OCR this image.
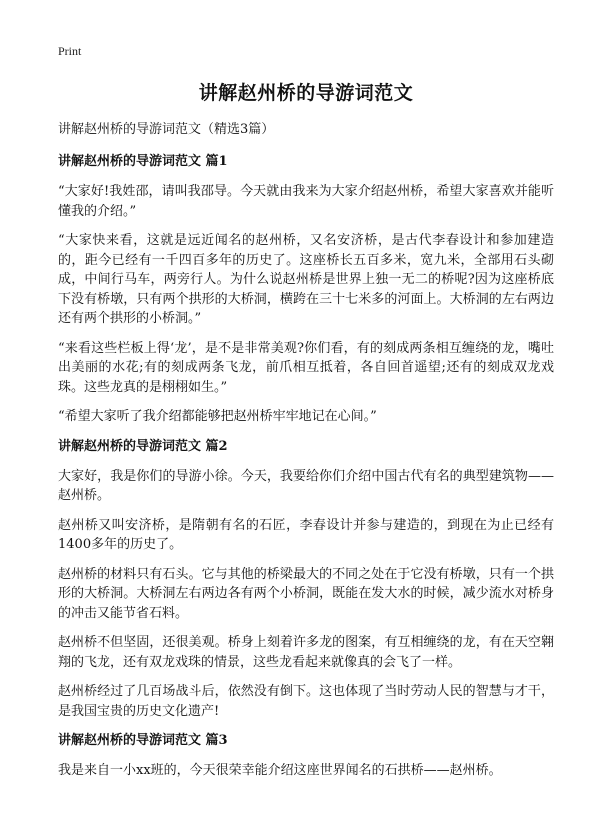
Print
讲解赵州桥的导游词范文
讲解赵州桥的导游词范文（精选3篇）
讲解赵州桥的导游词范文 篇1

“大家好!我姓邵，请叫我邵导。今天就由我来为大家介绍赵州桥，希望大家喜欢并能听懂我的介绍。”

“大家快来看，这就是远近闻名的赵州桥，又名安济桥，是古代李春设计和参加建造的，距今已经有一千四百多年的历史了。这座桥长五百多米，宽九米，全部用石头砌成，中间行马车，两旁行人。为什么说赵州桥是世界上独一无二的桥呢?因为这座桥底下没有桥墩，只有两个拱形的大桥洞，横跨在三十七米多的河面上。大桥洞的左右两边还有两个拱形的小桥洞。”

“来看这些栏板上得‘龙’，是不是非常美观?你们看，有的刻成两条相互缠绕的龙，嘴吐出美丽的水花;有的刻成两条飞龙，前爪相互抵着，各自回首遥望;还有的刻成双龙戏珠。这些龙真的是栩栩如生。”

“希望大家听了我介绍都能够把赵州桥牢牢地记在心间。”

讲解赵州桥的导游词范文 篇2

大家好，我是你们的导游小徐。今天，我要给你们介绍中国古代有名的典型建筑物——赵州桥。

赵州桥又叫安济桥，是隋朝有名的石匠，李春设计并参与建造的，到现在为止已经有1400多年的历史了。

赵州桥的材料只有石头。它与其他的桥梁最大的不同之处在于它没有桥墩，只有一个拱形的大桥洞。大桥洞左右两边各有两个小桥洞，既能在发大水的时候，减少流水对桥身的冲击又能节省石料。

赵州桥不但坚固，还很美观。桥身上刻着许多龙的图案，有互相缠绕的龙，有在天空翱翔的飞龙，还有双龙戏珠的情景，这些龙看起来就像真的会飞了一样。

赵州桥经过了几百场战斗后，依然没有倒下。这也体现了当时劳动人民的智慧与才干，是我国宝贵的历史文化遗产!

讲解赵州桥的导游词范文 篇3

我是来自一小xx班的，今天很荣幸能介绍这座世界闻名的石拱桥——赵州桥。
